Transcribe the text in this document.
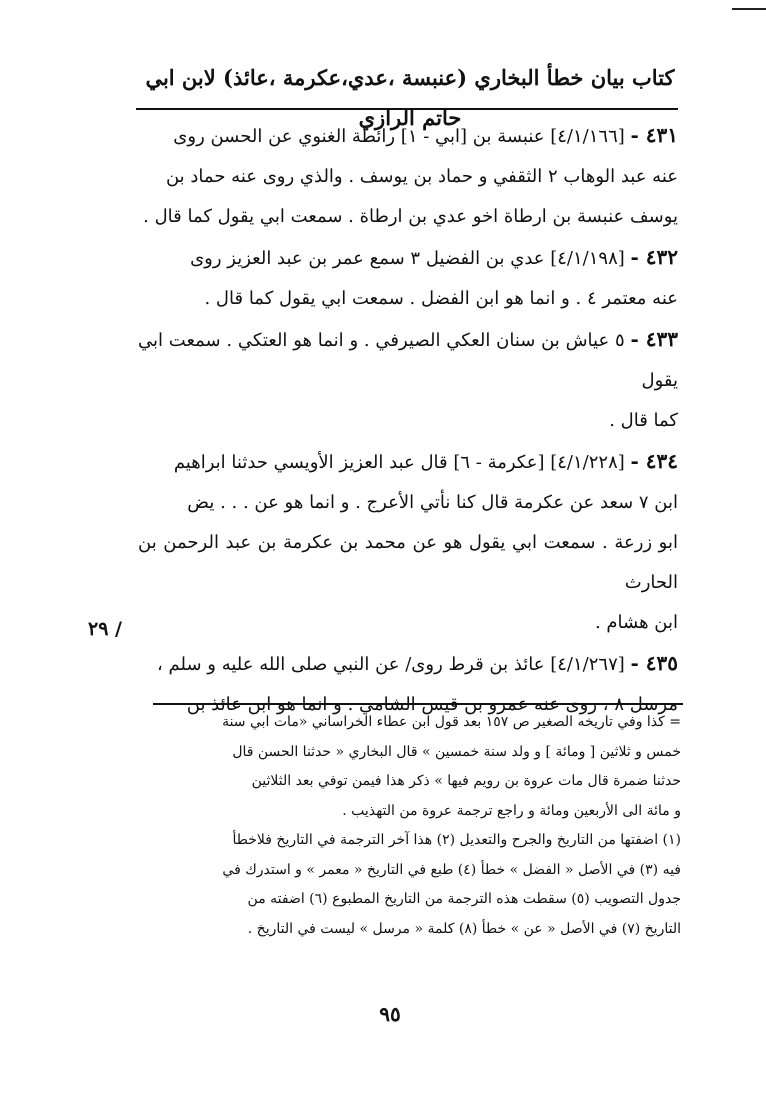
كتاب بيان خطأ البخاري (عنبسة ،عدي،عكرمة ،عائذ) لابن ابي حاتم الرازي
/ ٢٩

٤٣١ - [٤/١/١٦٦] عنبسة بن [ابي - ١] رائطة الغنوي عن الحسن روى

عنه عبد الوهاب ٢ الثقفي و حماد بن يوسف . والذي روى عنه حماد بن

يوسف عنبسة بن ارطاة اخو عدي بن ارطاة . سمعت ابي يقول كما قال .

٤٣٢ - [٤/١/١٩٨] عدي بن الفضيل ٣ سمع عمر بن عبد العزيز روى

عنه معتمر ٤ . و انما هو ابن الفضل . سمعت ابي يقول كما قال .

٤٣٣ - ٥ عياش بن سنان العكي الصيرفي . و انما هو العتكي . سمعت ابي يقول

كما قال .

٤٣٤ - [٤/١/٢٢٨] [عكرمة - ٦] قال عبد العزيز الأويسي حدثنا ابراهيم

ابن ٧ سعد عن عكرمة قال كنا نأتي الأعرج . و انما هو عن . . . يض

ابو زرعة . سمعت ابي يقول هو عن محمد بن عكرمة بن عبد الرحمن بن الحارث

ابن هشام .

٤٣٥ - [٤/١/٢٦٧] عائذ بن قرط روى/ عن النبي صلى الله عليه و سلم ،

مرسل ٨ ، روى عنه عمرو بن قيس الشامي . و انما هو ابن عائذ بن

= كذا وفي تاريخه الصغير ص ١٥٧ بعد قول ابن عطاء الخراساني «مات ابي سنة

خمس و ثلاثين [ ومائة ] و ولد سنة خمسين » قال البخاري « حدثنا الحسن قال

حدثنا ضمرة قال مات عروة بن رويم فيها » ذكر هذا فيمن توفي بعد الثلاثين

و مائة الى الأربعين ومائة و راجع ترجمة عروة من التهذيب .

(١) اضفتها من التاريخ والجرح والتعديل (٢) هذا آخر الترجمة في التاريخ فلاخطأ

فيه (٣) في الأصل « الفضل » خطأ (٤) طبع في التاريخ « معمر » و استدرك في

جدول التصويب (٥) سقطت هذه الترجمة من التاريخ المطبوع (٦) اضفته من

التاريخ (٧) في الأصل « عن » خطأ (٨) كلمة « مرسل » ليست في التاريخ .

٩٥
